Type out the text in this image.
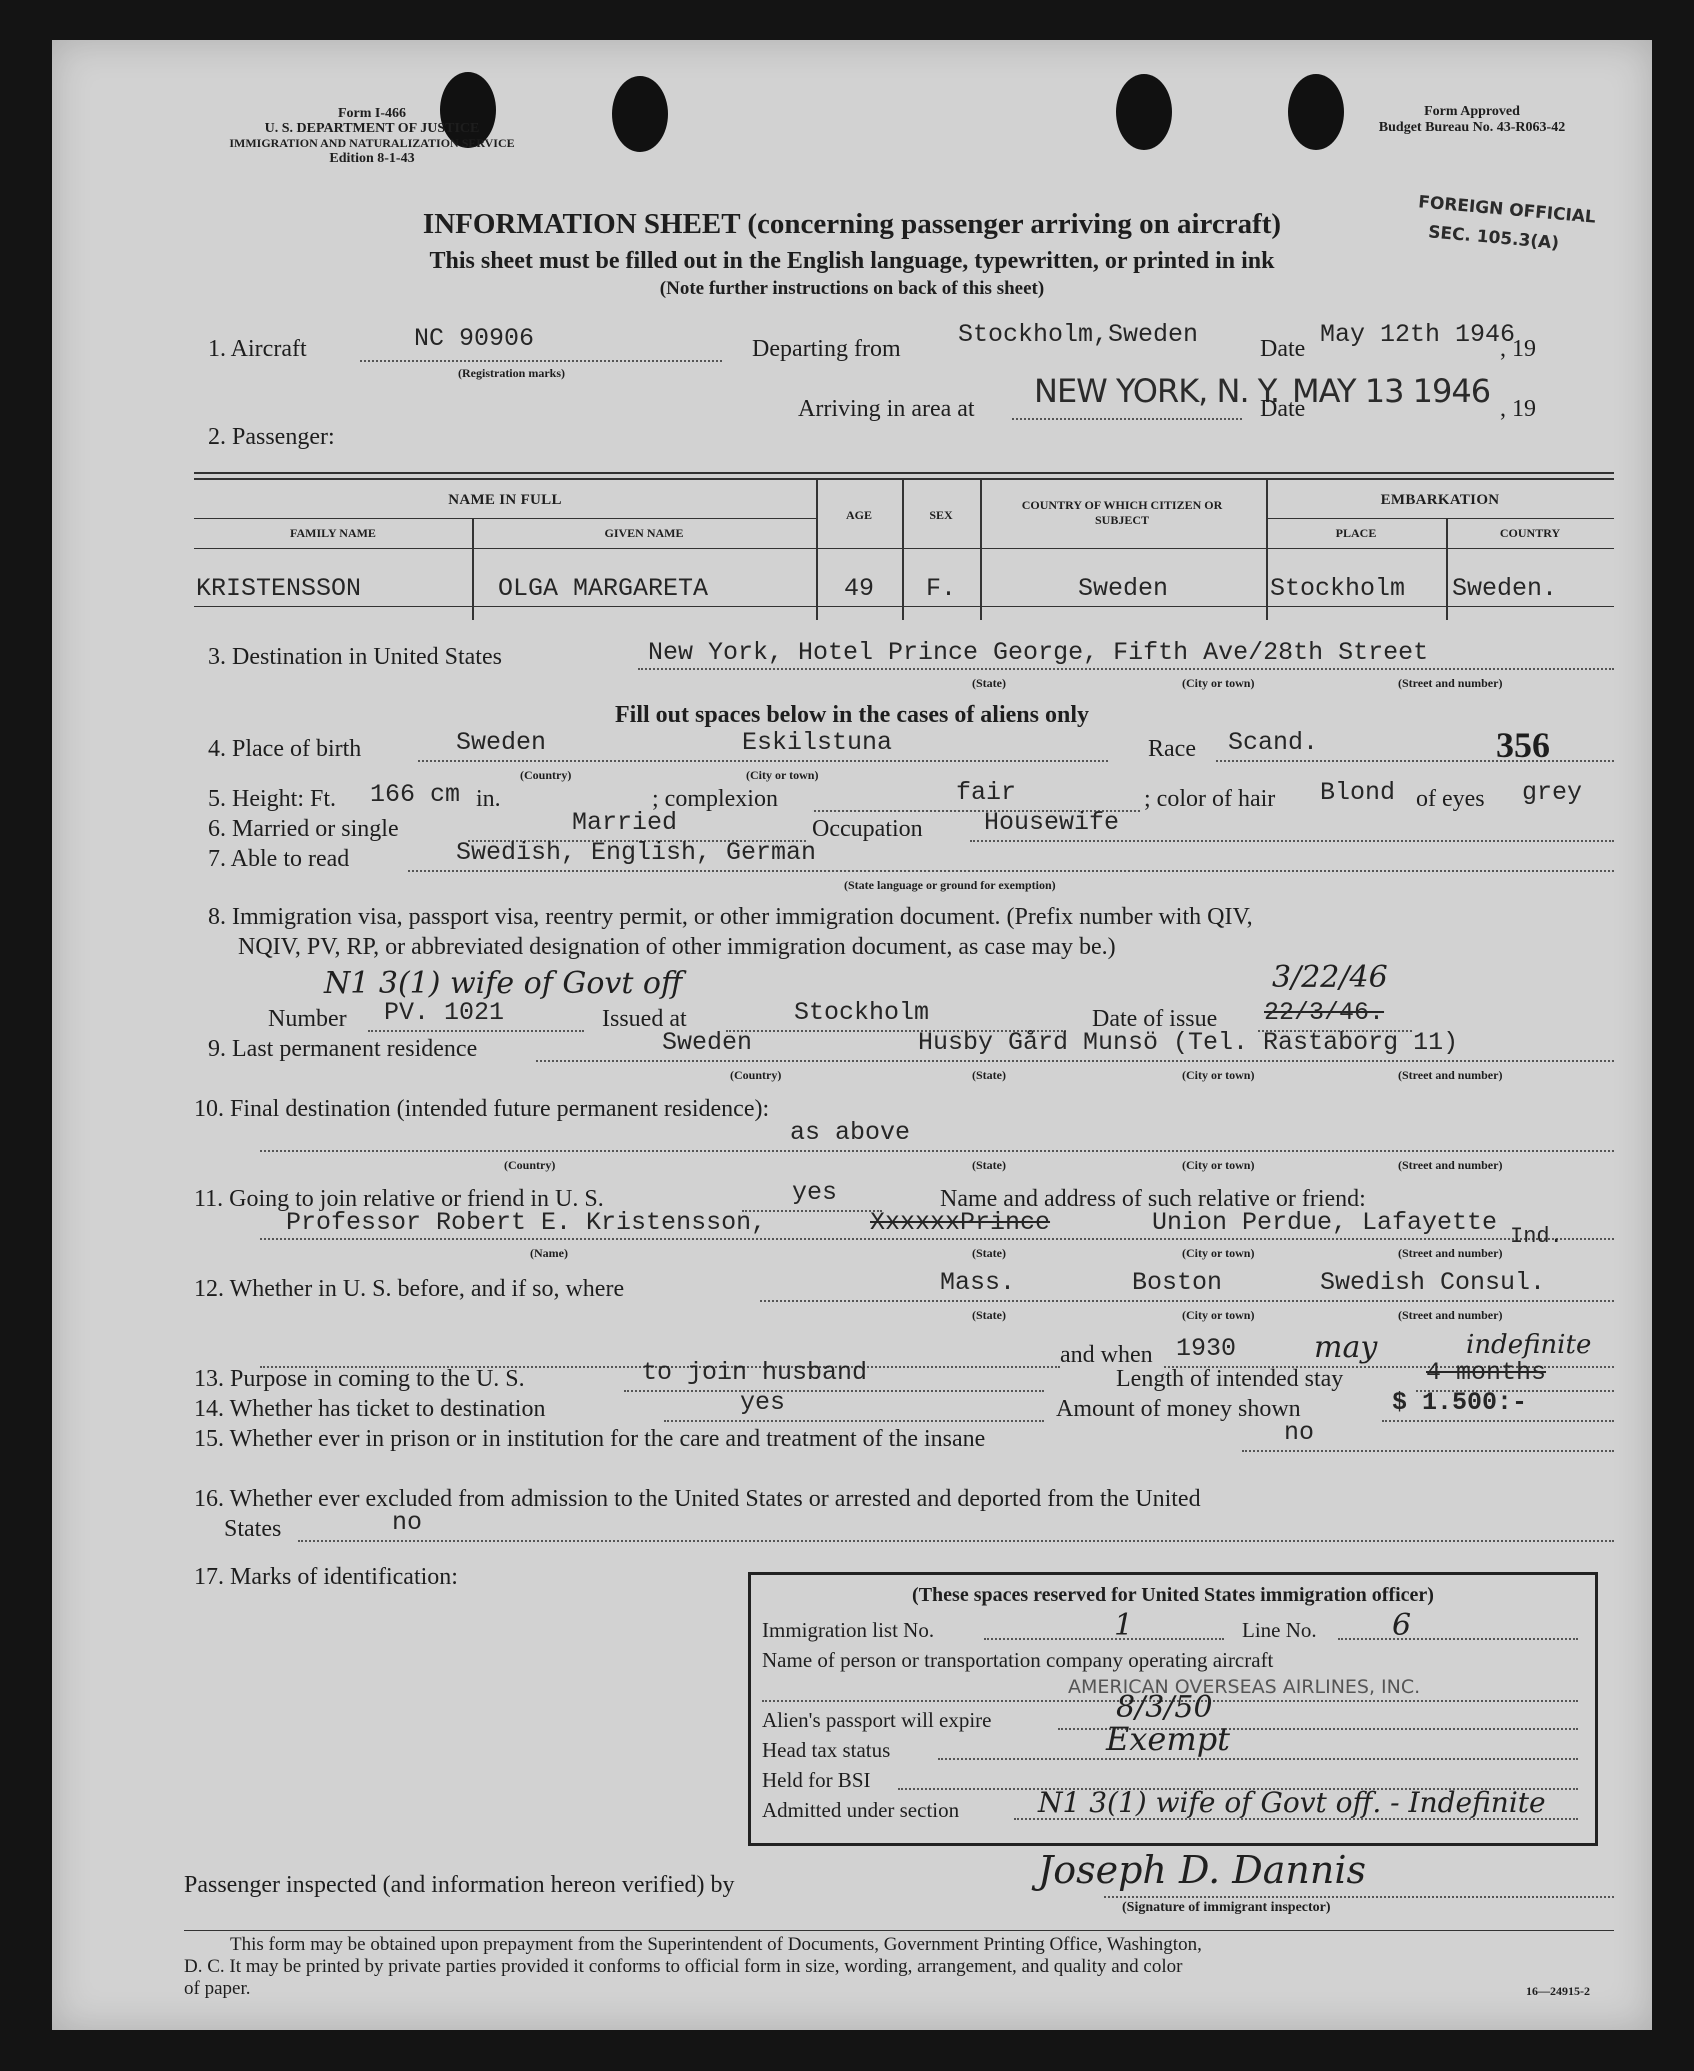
Form I-466
U. S. DEPARTMENT OF JUSTICE
IMMIGRATION AND NATURALIZATION SERVICE
Edition 8-1-43
Form Approved
Budget Bureau No. 43-R063-42
INFORMATION SHEET (concerning passenger arriving on aircraft)
This sheet must be filled out in the English language, typewritten, or printed in ink
(Note further instructions on back of this sheet)
FOREIGN OFFICIAL
SEC. 105.3(A)
1. Aircraft	NC 90906
(Registration marks)
Departing from Stockholm,Sweden	Date May 12th 1946
, 19
Arriving in area at NEW YORK, N. Y.
Date
MAY 13 1946 , 19
2. Passenger:
NAME IN FULL
FAMILY NAME	GIVEN NAME
AGE	SEX
COUNTRY OF WHICH CITIZEN OR SUBJECT
EMBARKATION
PLACE	COUNTRY
KRISTENSSON	OLGA MARGARETA	49	F.	Sweden	Stockholm Sweden.
3. Destination in United States	New York, Hotel Prince George, Fifth Ave/28th Street
(State)	(City or town)	(Street and number)
Fill out spaces below in the cases of aliens only
4. Place of birth	Sweden	Eskilstuna
(Country)	(City or town)
Race Scand.	356
5. Height: Ft. 166 cm in.	; complexion	fair	; color of hair Blond of eyes grey
6. Married or single	Married	Occupation Housewife
7. Able to read	Swedish, English, German
(State language or ground for exemption)
8. Immigration visa, passport visa, reentry permit, or other immigration document. (Prefix number with QIV,
NQIV, PV, RP, or abbreviated designation of other immigration document, as case may be.)
N1 3(1) wife of Govt off
Number PV. 1021	Issued at	Stockholm	Date of issue 22/3/46.
3/22/46
9. Last permanent residence	Sweden	Husby Gård Munsö (Tel. Rastaborg 11)
(Country)	(State)	(City or town)	(Street and number)
10. Final destination (intended future permanent residence):
as above
(Country)	(State)	(City or town)	(Street and number)
11. Going to join relative or friend in U. S.	yes	Name and address of such relative or friend:
Professor Robert E. Kristensson,	XxxxxxPrince	Union Perdue, Lafayette Ind.
(Name)	(State)	(City or town)	(Street and number)
12. Whether in U. S. before, and if so, where	Mass.	Boston	Swedish Consul.
(State)	(City or town)	(Street and number)
and when 1930	may	indefinite
13. Purpose in coming to the U. S.	to join husband	Length of intended stay	4 months
14. Whether has ticket to destination	yes	Amount of money shown	$ 1.500:-
15. Whether ever in prison or in institution for the care and treatment of the insane	no
16. Whether ever excluded from admission to the United States or arrested and deported from the United
States	no
17. Marks of identification:
(These spaces reserved for United States immigration officer)
Immigration list No.	1	Line No.	6
Name of person or transportation company operating aircraft
AMERICAN OVERSEAS AIRLINES, INC.
Alien's passport will expire	8/3/50
Head tax status	Exempt
Held for BSI
Admitted under section	N1 3(1) wife of Govt off. - Indefinite
Passenger inspected (and information hereon verified) by	Joseph D. Dannis
(Signature of immigrant inspector)
This form may be obtained upon prepayment from the Superintendent of Documents, Government Printing Office, Washington,
D. C. It may be printed by private parties provided it conforms to official form in size, wording, arrangement, and quality and color
of paper.	16—24915-2
